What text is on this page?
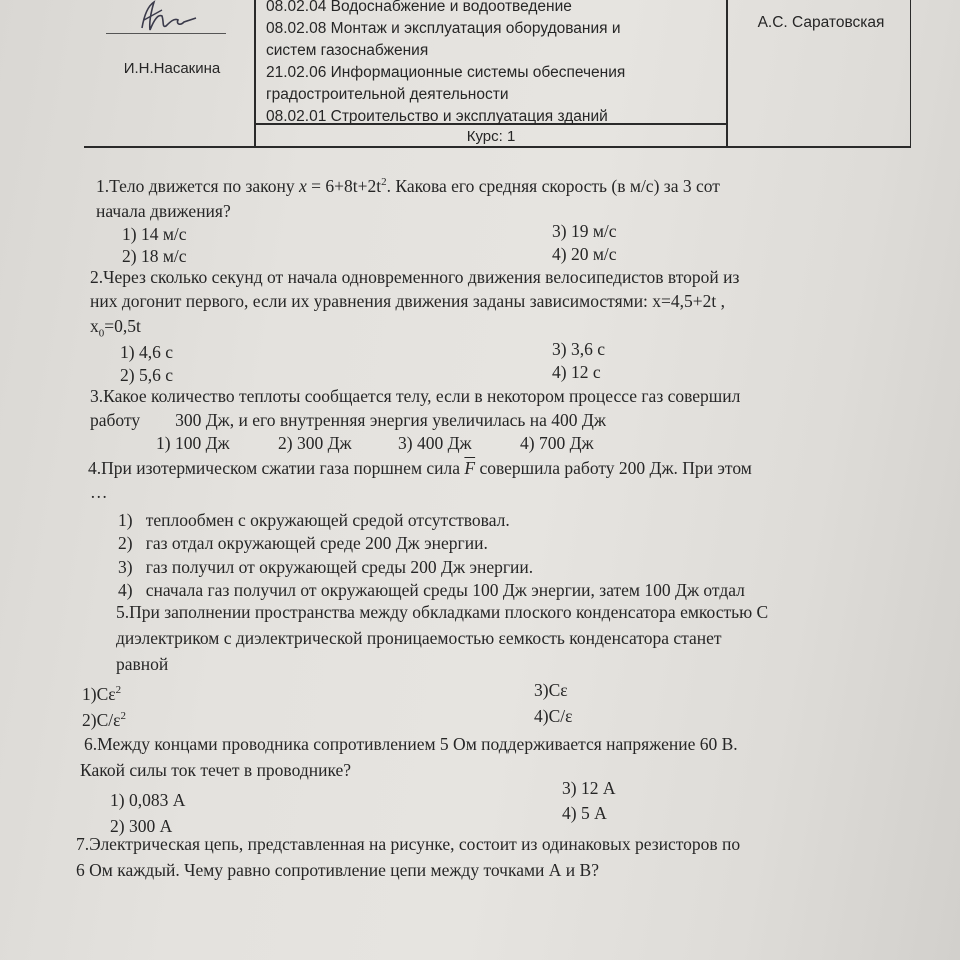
И.Н.Насакина
08.02.04 Водоснабжение и водоотведение
08.02.08 Монтаж и эксплуатация оборудования и
систем газоснабжения
21.02.06 Информационные системы обеспечения
градостроительной деятельности
08.02.01 Строительство и эксплуатация зданий
Курс: 1
А.С. Саратовская
1.Тело движется по закону $x = 6+8t+2t^2$. Какова его средняя скорость (в м/с) за 3 сот
начала движения?
1) 14 м/с
2) 18 м/с
3) 19 м/с
4) 20 м/с
2.Через сколько секунд от начала одновременного движения велосипедистов второй из
них догонит первого, если их уравнения движения заданы зависимостями: x=4,5+2t ,
$x_0=0,5t$
1) 4,6 с
2) 5,6 с
3) 3,6 с
4) 12 с
3.Какое количество теплоты сообщается телу, если в некотором процессе газ совершил
работу        300 Дж, и его внутренняя энергия увеличилась на 400 Дж
1) 100 Дж	2) 300 Дж	3) 400 Дж	4) 700 Дж
4.При изотермическом сжатии газа поршнем сила $\overline{F}$ совершила работу 200 Дж. При этом
…
1)   теплообмен с окружающей средой отсутствовал.
2)   газ отдал окружающей среде 200 Дж энергии.
3)   газ получил от окружающей среды 200 Дж энергии.
4)   сначала газ получил от окружающей среды 100 Дж энергии, затем 100 Дж отдал
5.При заполнении пространства между обкладками плоского конденсатора емкостью С
диэлектриком с диэлектрической проницаемостью εемкость конденсатора станет
равной
$1)C\varepsilon^2$
$2)C/\varepsilon^2$
3)Cε
4)C/ε
6.Между концами проводника сопротивлением 5 Ом поддерживается напряжение 60 В.
Какой силы ток течет в проводнике?
1) 0,083 А
2) 300 А
3) 12 А
4) 5 А
7.Электрическая цепь, представленная на рисунке, состоит из одинаковых резисторов по
6 Ом каждый. Чему равно сопротивление цепи между точками А и В?
